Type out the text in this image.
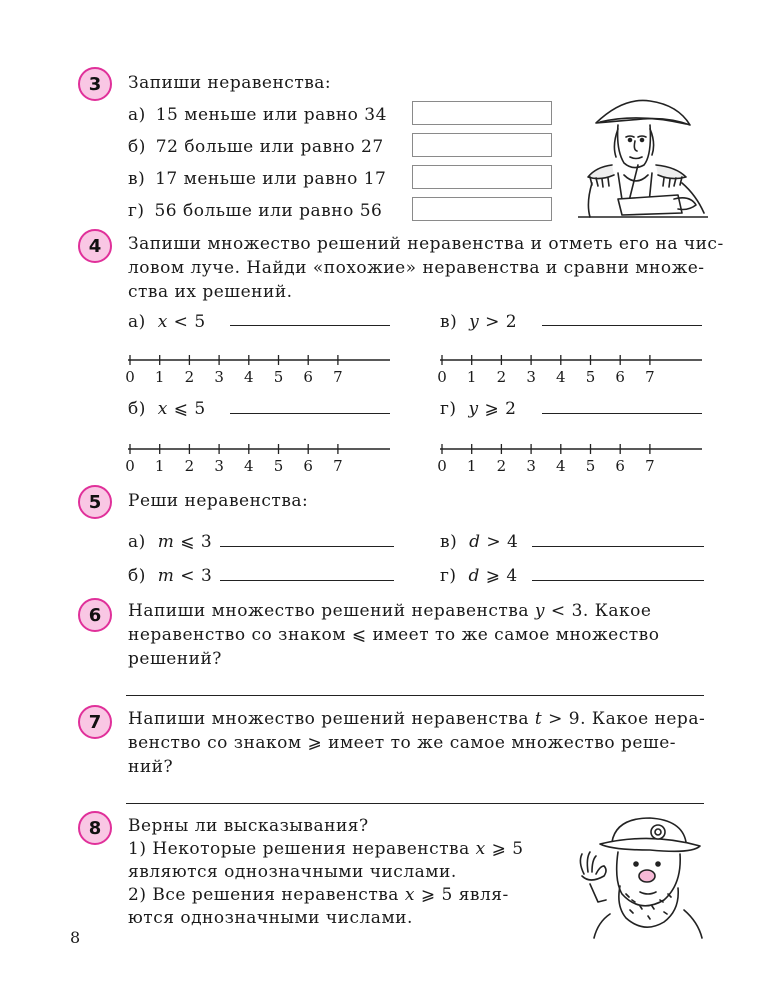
3	Запиши неравенства:
а) 15 меньше или равно 34
б) 72 больше или равно 27
в) 17 меньше или равно 17
г) 56 больше или равно 56
4	Запиши множество решений неравенства и отметь его на чис-
ловом луче. Найди «похожие» неравенства и сравни множе-
ства их решений.
а) x < 5	в) y > 2
0 1 2 3 4 5 6 7	0 1 2 3 4 5 6 7
б) x ⩽ 5	г) y ⩾ 2
0 1 2 3 4 5 6 7	0 1 2 3 4 5 6 7
5	Реши неравенства:
а) m ⩽ 3	в) d > 4
б) m < 3	г) d ⩾ 4
6	Напиши множество решений неравенства y < 3. Какое
неравенство со знаком ⩽ имеет то же самое множество
решений?
7	Напиши множество решений неравенства t > 9. Какое нера-
венство со знаком ⩾ имеет то же самое множество реше-
ний?
8	Верны ли высказывания?
1) Некоторые решения неравенства x ⩾ 5
являются однозначными числами.
2) Все решения неравенства x ⩾ 5 явля-
ются однозначными числами.
8
